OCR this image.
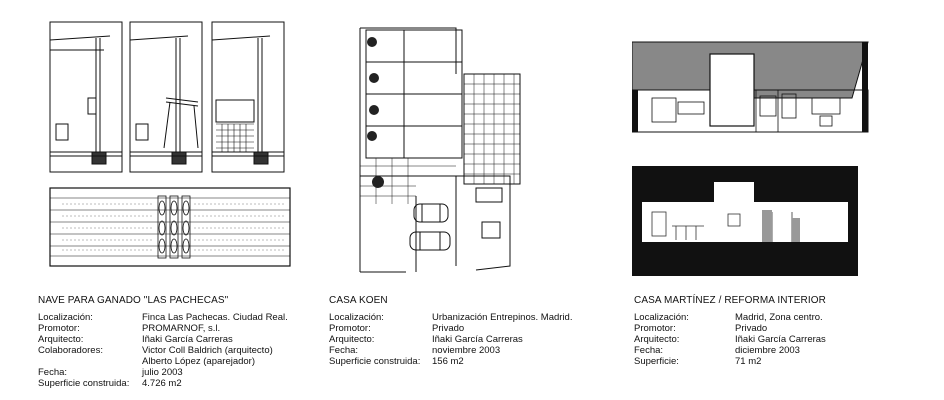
NAVE PARA GANADO "LAS PACHECAS"
Localización:	Finca Las Pachecas. Ciudad Real.
Promotor:	PROMARNOF, s.l.
Arquitecto:	Iñaki García Carreras
Colaboradores:	Victor Coll Baldrich (arquitecto)
Alberto López (aparejador)
Fecha:	julio 2003
Superficie construida: 4.726 m2
CASA KOEN
Localización:	Urbanización Entrepinos. Madrid.
Promotor:	Privado
Arquitecto:	Iñaki García Carreras
Fecha:	noviembre 2003
Superficie construida: 156 m2
CASA MARTÍNEZ / REFORMA INTERIOR
Localización:	Madrid, Zona centro.
Promotor:	Privado
Arquitecto:	Iñaki García Carreras
Fecha:	diciembre 2003
Superficie:	71 m2
